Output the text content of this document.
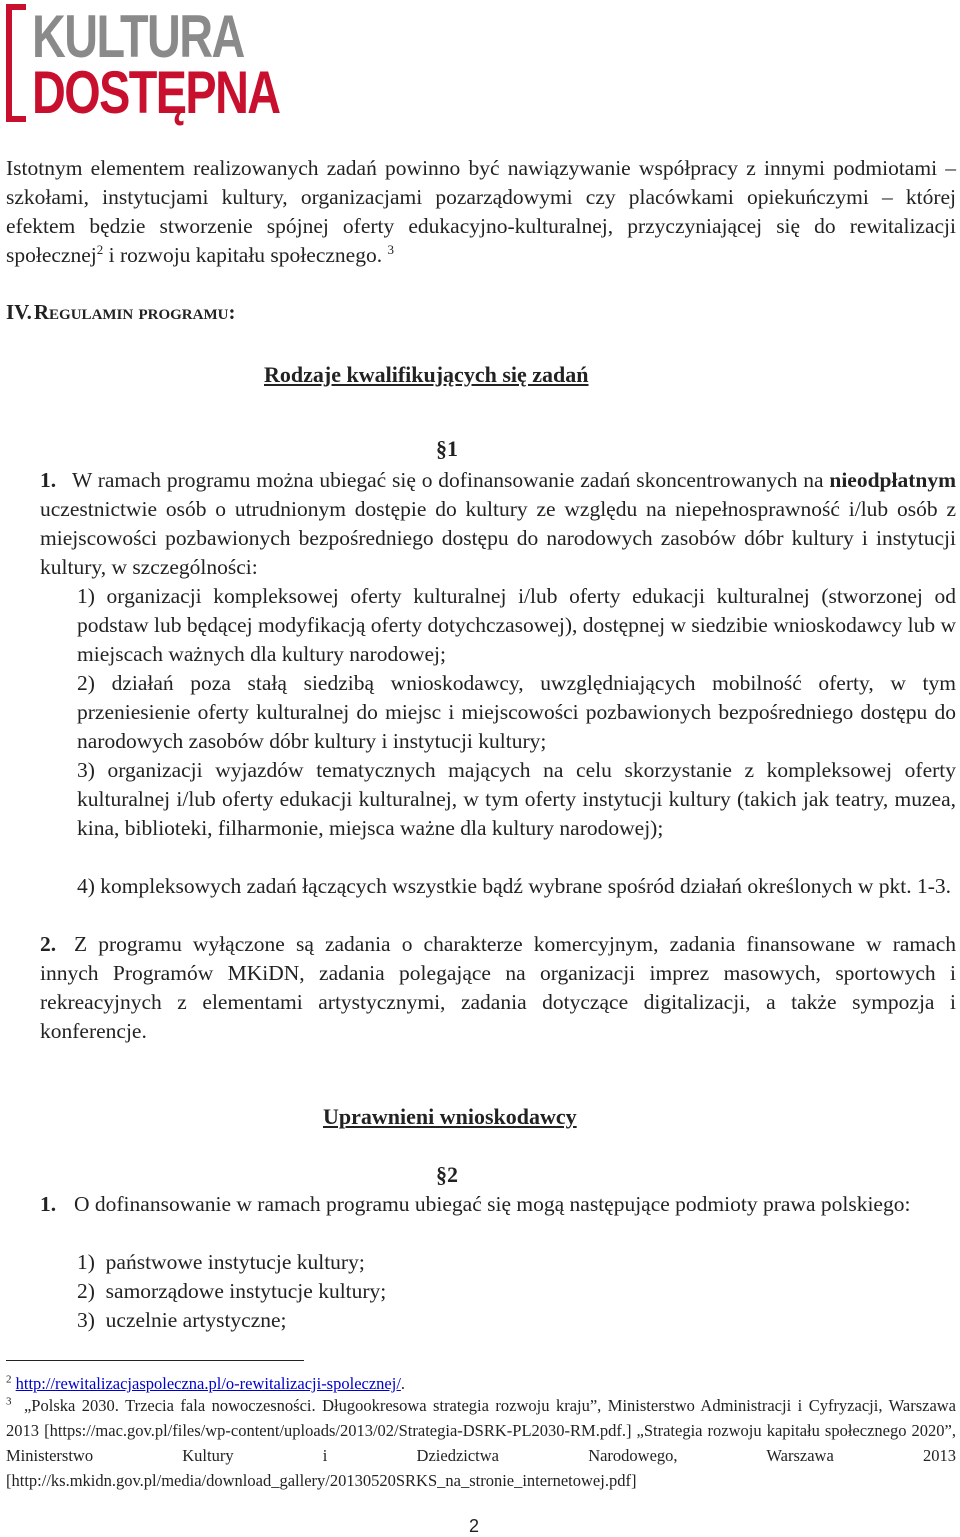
KULTURA
DOSTĘPNA
Istotnym elementem realizowanych zadań powinno być nawiązywanie współpracy z innymi podmiotami – szkołami, instytucjami kultury, organizacjami pozarządowymi czy placówkami opiekuńczymi – której efektem będzie stworzenie spójnej oferty edukacyjno-kulturalnej, przyczyniającej się do rewitalizacji społecznej$^2$ i rozwoju kapitału społecznego. $^3$
IV.Regulamin programu:
Rodzaje kwalifikujących się zadań
§1
1. W ramach programu można ubiegać się o dofinansowanie zadań skoncentrowanych na nieodpłatnym uczestnictwie osób o utrudnionym dostępie do kultury ze względu na niepełnosprawność i/lub osób z miejscowości pozbawionych bezpośredniego dostępu do narodowych zasobów dóbr kultury i instytucji kultury, w szczególności:
1) organizacji kompleksowej oferty kulturalnej i/lub oferty edukacji kulturalnej (stworzonej od podstaw lub będącej modyfikacją oferty dotychczasowej), dostępnej w siedzibie wnioskodawcy lub w miejscach ważnych dla kultury narodowej;
2) działań poza stałą siedzibą wnioskodawcy, uwzględniających mobilność oferty, w tym przeniesienie oferty kulturalnej do miejsc i miejscowości pozbawionych bezpośredniego dostępu do narodowych zasobów dóbr kultury i instytucji kultury;
3) organizacji wyjazdów tematycznych mających na celu skorzystanie z kompleksowej oferty kulturalnej i/lub oferty edukacji kulturalnej, w tym oferty instytucji kultury (takich jak teatry, muzea, kina, biblioteki, filharmonie, miejsca ważne dla kultury narodowej);
4) kompleksowych zadań łączących wszystkie bądź wybrane spośród działań określonych w pkt. 1-3.
2. Z programu wyłączone są zadania o charakterze komercyjnym, zadania finansowane w ramach innych Programów MKiDN, zadania polegające na organizacji imprez masowych, sportowych i rekreacyjnych z elementami artystycznymi, zadania dotyczące digitalizacji, a także sympozja i konferencje.
Uprawnieni wnioskodawcy
§2
1. O dofinansowanie w ramach programu ubiegać się mogą następujące podmioty prawa polskiego:
1)  państwowe instytucje kultury;
2)  samorządowe instytucje kultury;
3)  uczelnie artystyczne;
$^2$ http://rewitalizacjaspoleczna.pl/o-rewitalizacji-spolecznej/.
$^3$ „Polska 2030. Trzecia fala nowoczesności. Długookresowa strategia rozwoju kraju”, Ministerstwo Administracji i Cyfryzacji, Warszawa 2013 [https://mac.gov.pl/files/wp-content/uploads/2013/02/Strategia-DSRK-PL2030-RM.pdf.] „Strategia rozwoju kapitału społecznego 2020”, Ministerstwo Kultury i Dziedzictwa Narodowego, Warszawa 2013 [http://ks.mkidn.gov.pl/media/download_gallery/20130520SRKS_na_stronie_internetowej.pdf]
2
